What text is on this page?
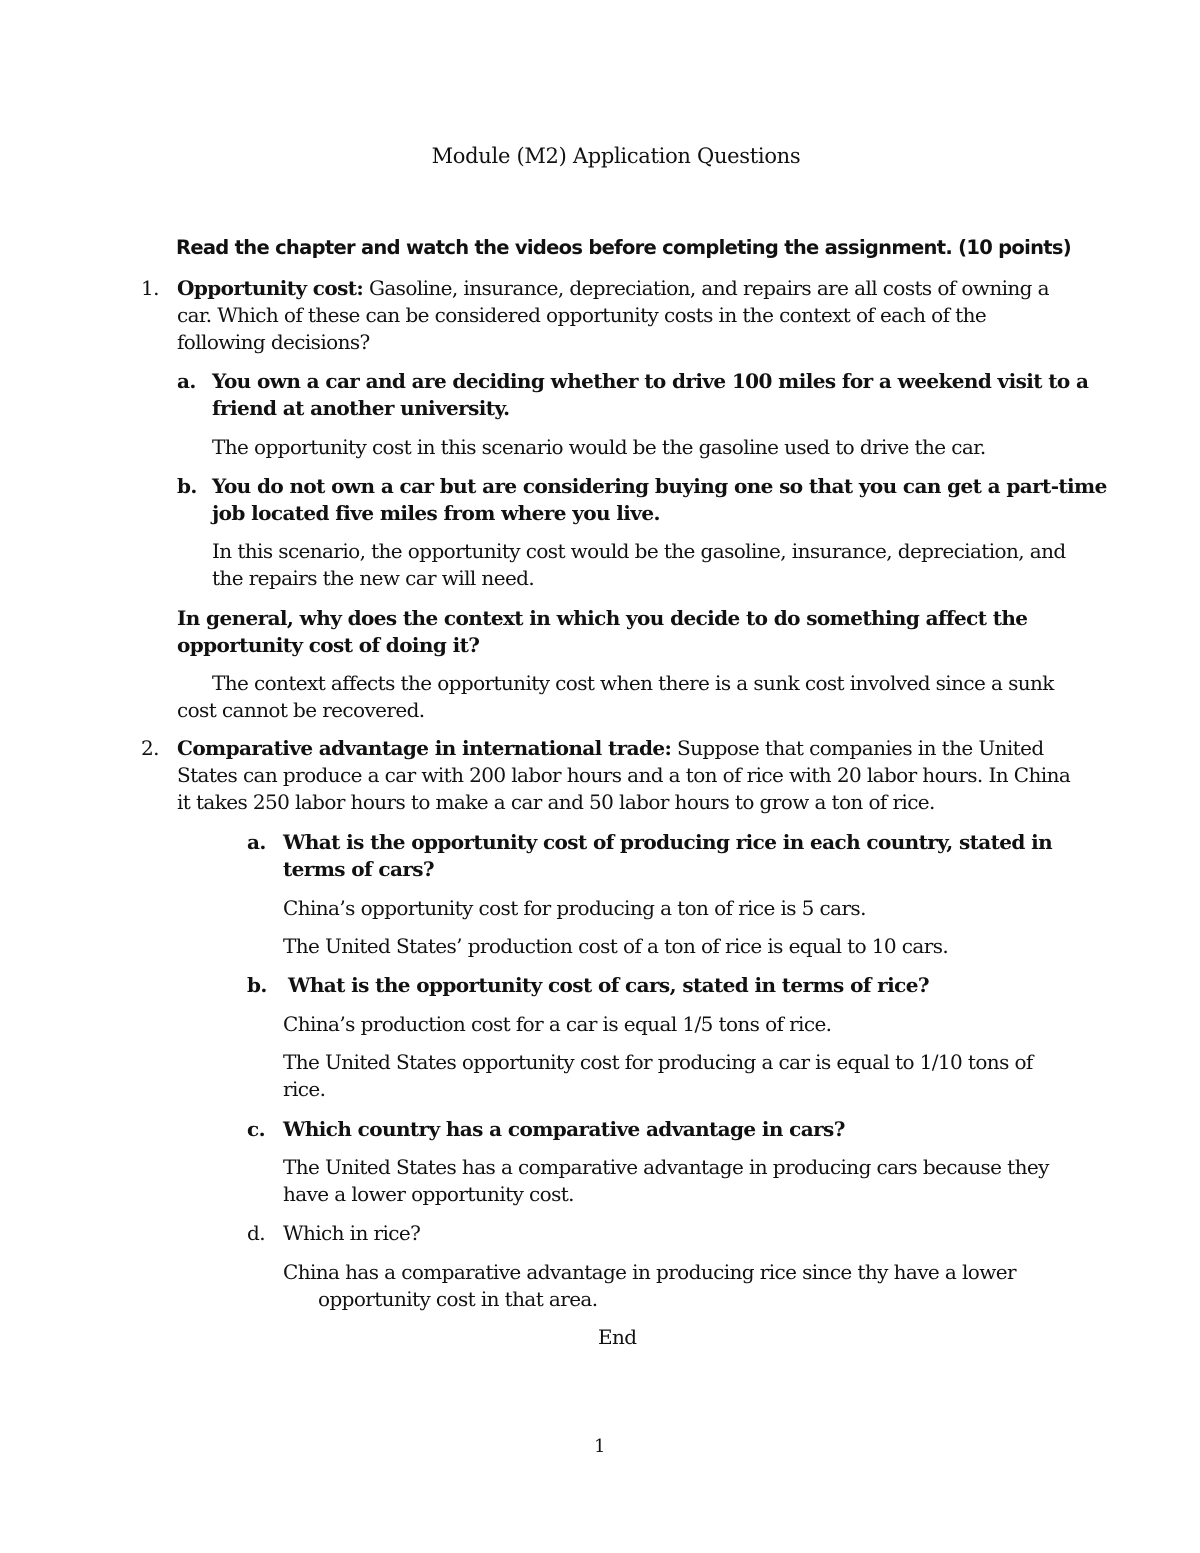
Module (M2) Application Questions
Read the chapter and watch the videos before completing the assignment. (10 points)
1. Opportunity cost: Gasoline, insurance, depreciation, and repairs are all costs of owning a
car. Which of these can be considered opportunity costs in the context of each of the
following decisions?
a. You own a car and are deciding whether to drive 100 miles for a weekend visit to a
friend at another university.
The opportunity cost in this scenario would be the gasoline used to drive the car.
b. You do not own a car but are considering buying one so that you can get a part-time
job located five miles from where you live.
In this scenario, the opportunity cost would be the gasoline, insurance, depreciation, and
the repairs the new car will need.
In general, why does the context in which you decide to do something affect the
opportunity cost of doing it?
The context affects the opportunity cost when there is a sunk cost involved since a sunk
cost cannot be recovered.
2. Comparative advantage in international trade: Suppose that companies in the United
States can produce a car with 200 labor hours and a ton of rice with 20 labor hours. In China
it takes 250 labor hours to make a car and 50 labor hours to grow a ton of rice.
a. What is the opportunity cost of producing rice in each country, stated in
terms of cars?
China’s opportunity cost for producing a ton of rice is 5 cars.
The United States’ production cost of a ton of rice is equal to 10 cars.
b. What is the opportunity cost of cars, stated in terms of rice?
China’s production cost for a car is equal 1/5 tons of rice.
The United States opportunity cost for producing a car is equal to 1/10 tons of
rice.
c. Which country has a comparative advantage in cars?
The United States has a comparative advantage in producing cars because they
have a lower opportunity cost.
d. Which in rice?
China has a comparative advantage in producing rice since thy have a lower
opportunity cost in that area.
End
1
